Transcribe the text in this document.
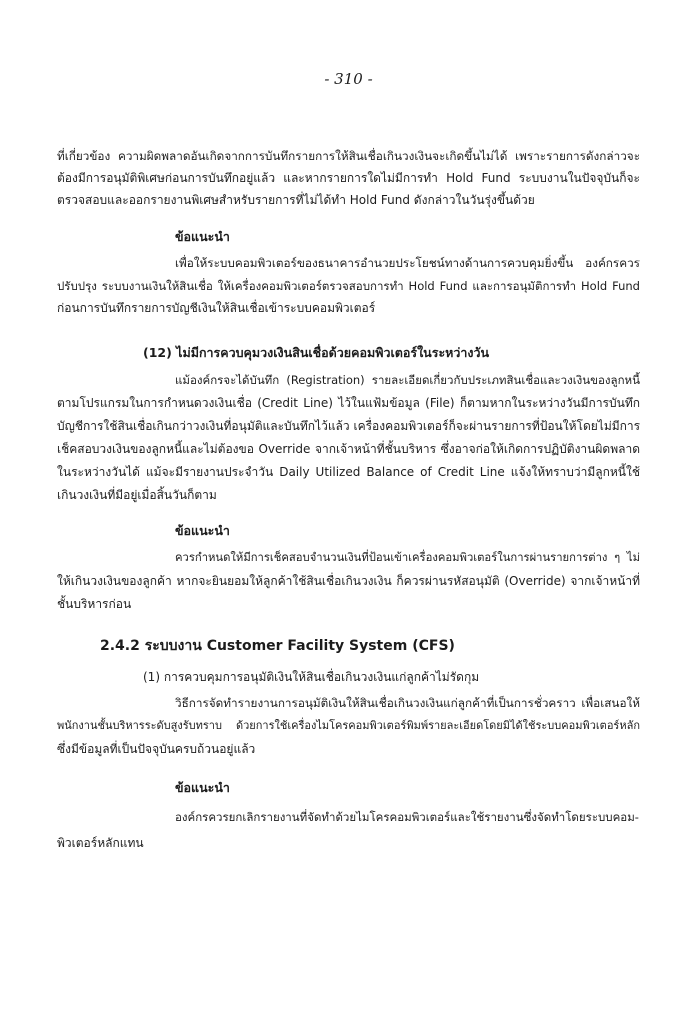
- 310 -
ที่เกี่ยวข้อง ความผิดพลาดอันเกิดจากการบันทึกรายการให้สินเชื่อเกินวงเงินจะเกิดขึ้นไม่ได้ เพราะรายการดังกล่าวจะ
ต้องมีการอนุมัติพิเศษก่อนการบันทึกอยู่แล้ว และหากรายการใดไม่มีการทำ Hold Fund ระบบงานในปัจจุบันก็จะ
ตรวจสอบและออกรายงานพิเศษสำหรับรายการที่ไม่ได้ทำ Hold Fund ดังกล่าวในวันรุ่งขึ้นด้วย
ข้อแนะนำ
เพื่อให้ระบบคอมพิวเตอร์ของธนาคารอำนวยประโยชน์ทางด้านการควบคุมยิ่งขึ้น องค์กรควร
ปรับปรุง ระบบงานเงินให้สินเชื่อ ให้เครื่องคอมพิวเตอร์ตรวจสอบการทำ Hold Fund และการอนุมัติการทำ Hold Fund
ก่อนการบันทึกรายการบัญชีเงินให้สินเชื่อเข้าระบบคอมพิวเตอร์
(12) ไม่มีการควบคุมวงเงินสินเชื่อด้วยคอมพิวเตอร์ในระหว่างวัน
แม้องค์กรจะได้บันทึก (Registration) รายละเอียดเกี่ยวกับประเภทสินเชื่อและวงเงินของลูกหนี้
ตามโปรแกรมในการกำหนดวงเงินเชื่อ (Credit Line) ไว้ในแฟ้มข้อมูล (File) ก็ตามหากในระหว่างวันมีการบันทึก
บัญชีการใช้สินเชื่อเกินกว่าวงเงินที่อนุมัติและบันทึกไว้แล้ว เครื่องคอมพิวเตอร์ก็จะผ่านรายการที่ป้อนให้โดยไม่มีการ
เช็คสอบวงเงินของลูกหนี้และไม่ต้องขอ Override จากเจ้าหน้าที่ชั้นบริหาร ซึ่งอาจก่อให้เกิดการปฏิบัติงานผิดพลาด
ในระหว่างวันได้ แม้จะมีรายงานประจำวัน Daily Utilized Balance of Credit Line แจ้งให้ทราบว่ามีลูกหนี้ใช้
เกินวงเงินที่มีอยู่เมื่อสิ้นวันก็ตาม
ข้อแนะนำ
ควรกำหนดให้มีการเช็คสอบจำนวนเงินที่ป้อนเข้าเครื่องคอมพิวเตอร์ในการผ่านรายการต่าง ๆ ไม่
ให้เกินวงเงินของลูกค้า หากจะยินยอมให้ลูกค้าใช้สินเชื่อเกินวงเงิน ก็ควรผ่านรหัสอนุมัติ (Override) จากเจ้าหน้าที่
ชั้นบริหารก่อน
2.4.2 ระบบงาน Customer Facility System (CFS)
(1) การควบคุมการอนุมัติเงินให้สินเชื่อเกินวงเงินแก่ลูกค้าไม่รัดกุม
วิธีการจัดทำรายงานการอนุมัติเงินให้สินเชื่อเกินวงเงินแก่ลูกค้าที่เป็นการชั่วคราว เพื่อเสนอให้
พนักงานชั้นบริหารระดับสูงรับทราบ ด้วยการใช้เครื่องไมโครคอมพิวเตอร์พิมพ์รายละเอียดโดยมิได้ใช้ระบบคอมพิวเตอร์หลัก
ซึ่งมีข้อมูลที่เป็นปัจจุบันครบถ้วนอยู่แล้ว
ข้อแนะนำ
องค์กรควรยกเลิกรายงานที่จัดทำด้วยไมโครคอมพิวเตอร์และใช้รายงานซึ่งจัดทำโดยระบบคอม-
พิวเตอร์หลักแทน
